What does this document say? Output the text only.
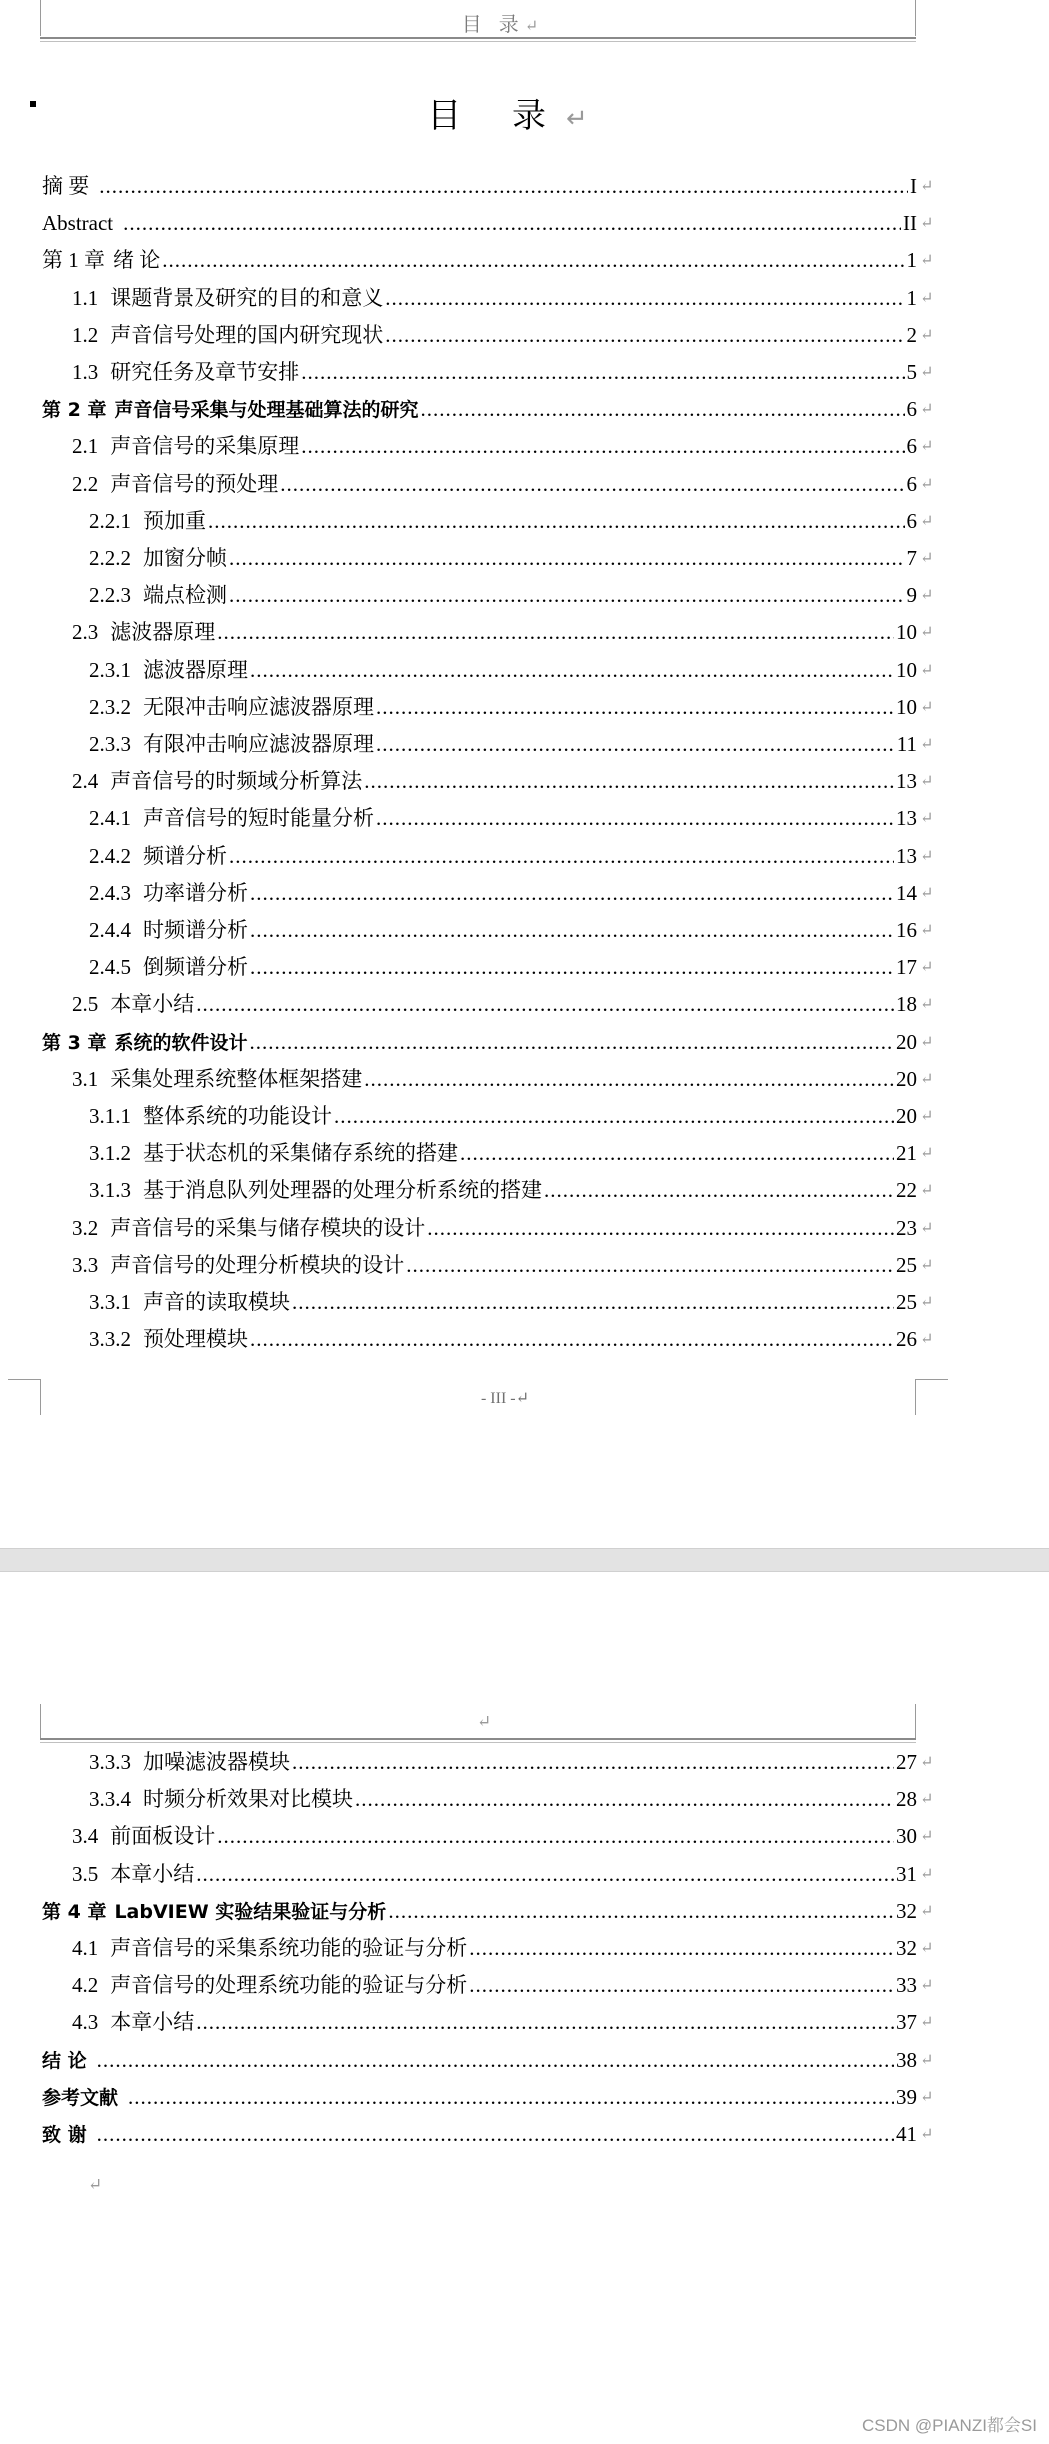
目 录↵
目 录↵
摘 要 .....	I ↵
Abstract .....	II ↵
第 1 章 绪 论 .....	1 ↵
1.1 课题背景及研究的目的和意义 .....	1 ↵
1.2 声音信号处理的国内研究现状 .....	2 ↵
1.3 研究任务及章节安排 .....	5 ↵
第 2 章 声音信号采集与处理基础算法的研究 .....	6 ↵
2.1 声音信号的采集原理 .....	6 ↵
2.2 声音信号的预处理 .....	6 ↵
2.2.1 预加重 .....	6 ↵
2.2.2 加窗分帧 .....	7 ↵
2.2.3 端点检测 .....	9 ↵
2.3 滤波器原理 .....	10 ↵
2.3.1 滤波器原理 .....	10 ↵
2.3.2 无限冲击响应滤波器原理 .....	10 ↵
2.3.3 有限冲击响应滤波器原理 .....	11 ↵
2.4 声音信号的时频域分析算法 .....	13 ↵
2.4.1 声音信号的短时能量分析 .....	13 ↵
2.4.2 频谱分析 .....	13 ↵
2.4.3 功率谱分析 .....	14 ↵
2.4.4 时频谱分析 .....	16 ↵
2.4.5 倒频谱分析 .....	17 ↵
2.5 本章小结 .....	18 ↵
第 3 章 系统的软件设计 .....	20 ↵
3.1 采集处理系统整体框架搭建 .....	20 ↵
3.1.1 整体系统的功能设计 .....	20 ↵
3.1.2 基于状态机的采集储存系统的搭建 .....	21 ↵
3.1.3 基于消息队列处理器的处理分析系统的搭建 .....	22 ↵
3.2 声音信号的采集与储存模块的设计 .....	23 ↵
3.3 声音信号的处理分析模块的设计 .....	25 ↵
3.3.1 声音的读取模块 .....	25 ↵
3.3.2 预处理模块 .....	26 ↵
- III -↵
↵
3.3.3 加噪滤波器模块 .....	27 ↵
3.3.4 时频分析效果对比模块 .....	28 ↵
3.4 前面板设计 .....	30 ↵
3.5 本章小结 .....	31 ↵
第 4 章 LabVIEW 实验结果验证与分析 .....	32 ↵
4.1 声音信号的采集系统功能的验证与分析 .....	32 ↵
4.2 声音信号的处理系统功能的验证与分析 .....	33 ↵
4.3 本章小结 .....	37 ↵
结 论 .....	38 ↵
参考文献 .....	39 ↵
致 谢 .....	41 ↵
↵
CSDN @PIANZI都会SI
